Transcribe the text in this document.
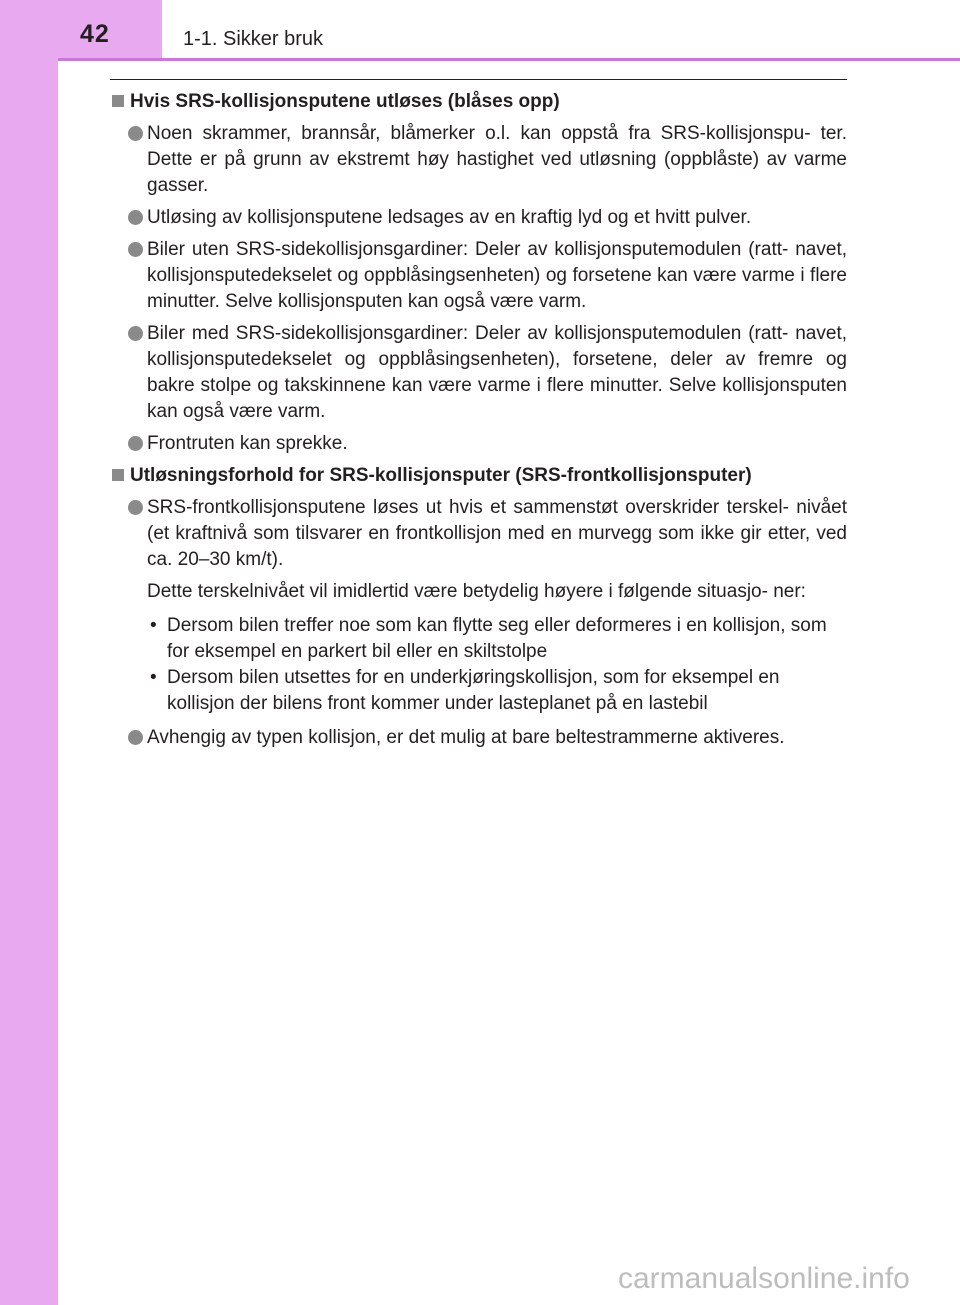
42	1-1. Sikker bruk
Hvis SRS-kollisjonsputene utløses (blåses opp)
Noen skrammer, brannsår, blåmerker o.l. kan oppstå fra SRS-kollisjonspu- ter. Dette er på grunn av ekstremt høy hastighet ved utløsning (oppblåste) av varme gasser.
Utløsing av kollisjonsputene ledsages av en kraftig lyd og et hvitt pulver.
Biler uten SRS-sidekollisjonsgardiner: Deler av kollisjonsputemodulen (ratt- navet, kollisjonsputedekselet og oppblåsingsenheten) og forsetene kan være varme i flere minutter. Selve kollisjonsputen kan også være varm.
Biler med SRS-sidekollisjonsgardiner: Deler av kollisjonsputemodulen (ratt- navet, kollisjonsputedekselet og oppblåsingsenheten), forsetene, deler av fremre og bakre stolpe og takskinnene kan være varme i flere minutter. Selve kollisjonsputen kan også være varm.
Frontruten kan sprekke.
Utløsningsforhold for SRS-kollisjonsputer (SRS-frontkollisjonsputer)
SRS-frontkollisjonsputene løses ut hvis et sammenstøt overskrider terskel- nivået (et kraftnivå som tilsvarer en frontkollisjon med en murvegg som ikke gir etter, ved ca. 20–30 km/t).
Dette terskelnivået vil imidlertid være betydelig høyere i følgende situasjo- ner:
• Dersom bilen treffer noe som kan flytte seg eller deformeres i en kollisjon, som for eksempel en parkert bil eller en skiltstolpe
• Dersom bilen utsettes for en underkjøringskollisjon, som for eksempel en kollisjon der bilens front kommer under lasteplanet på en lastebil
Avhengig av typen kollisjon, er det mulig at bare beltestrammerne aktiveres.
carmanualsonline.info
